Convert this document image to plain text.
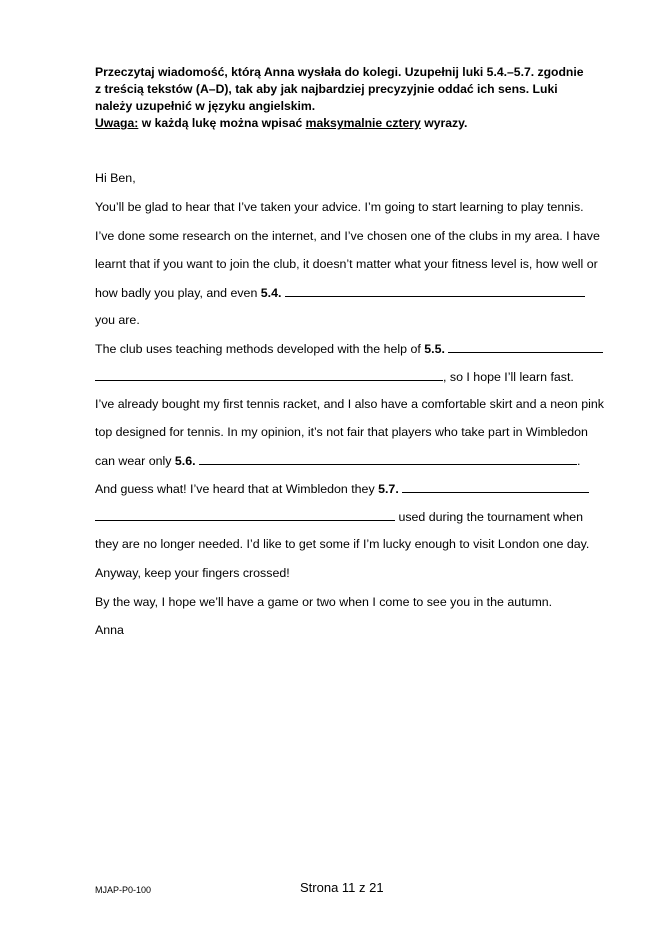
Przeczytaj wiadomość, którą Anna wysłała do kolegi. Uzupełnij luki 5.4.–5.7. zgodnie

z treścią tekstów (A–D), tak aby jak najbardziej precyzyjnie oddać ich sens. Luki

należy uzupełnić w języku angielskim.

Uwaga: w każdą lukę można wpisać maksymalnie cztery wyrazy.

Hi Ben,
You’ll be glad to hear that I’ve taken your advice. I’m going to start learning to play tennis.
I’ve done some research on the internet, and I’ve chosen one of the clubs in my area. I have
learnt that if you want to join the club, it doesn’t matter what your fitness level is, how well or
how badly you play, and even 5.4.
you are.
The club uses teaching methods developed with the help of 5.5.
, so I hope I’ll learn fast.
I’ve already bought my first tennis racket, and I also have a comfortable skirt and a neon pink
top designed for tennis. In my opinion, it’s not fair that players who take part in Wimbledon
can wear only 5.6.	.
And guess what! I’ve heard that at Wimbledon they 5.7.
used during the tournament when
they are no longer needed. I’d like to get some if I’m lucky enough to visit London one day.
Anyway, keep your fingers crossed!
By the way, I hope we’ll have a game or two when I come to see you in the autumn.
Anna
MJAP-P0-100	Strona 11 z 21
